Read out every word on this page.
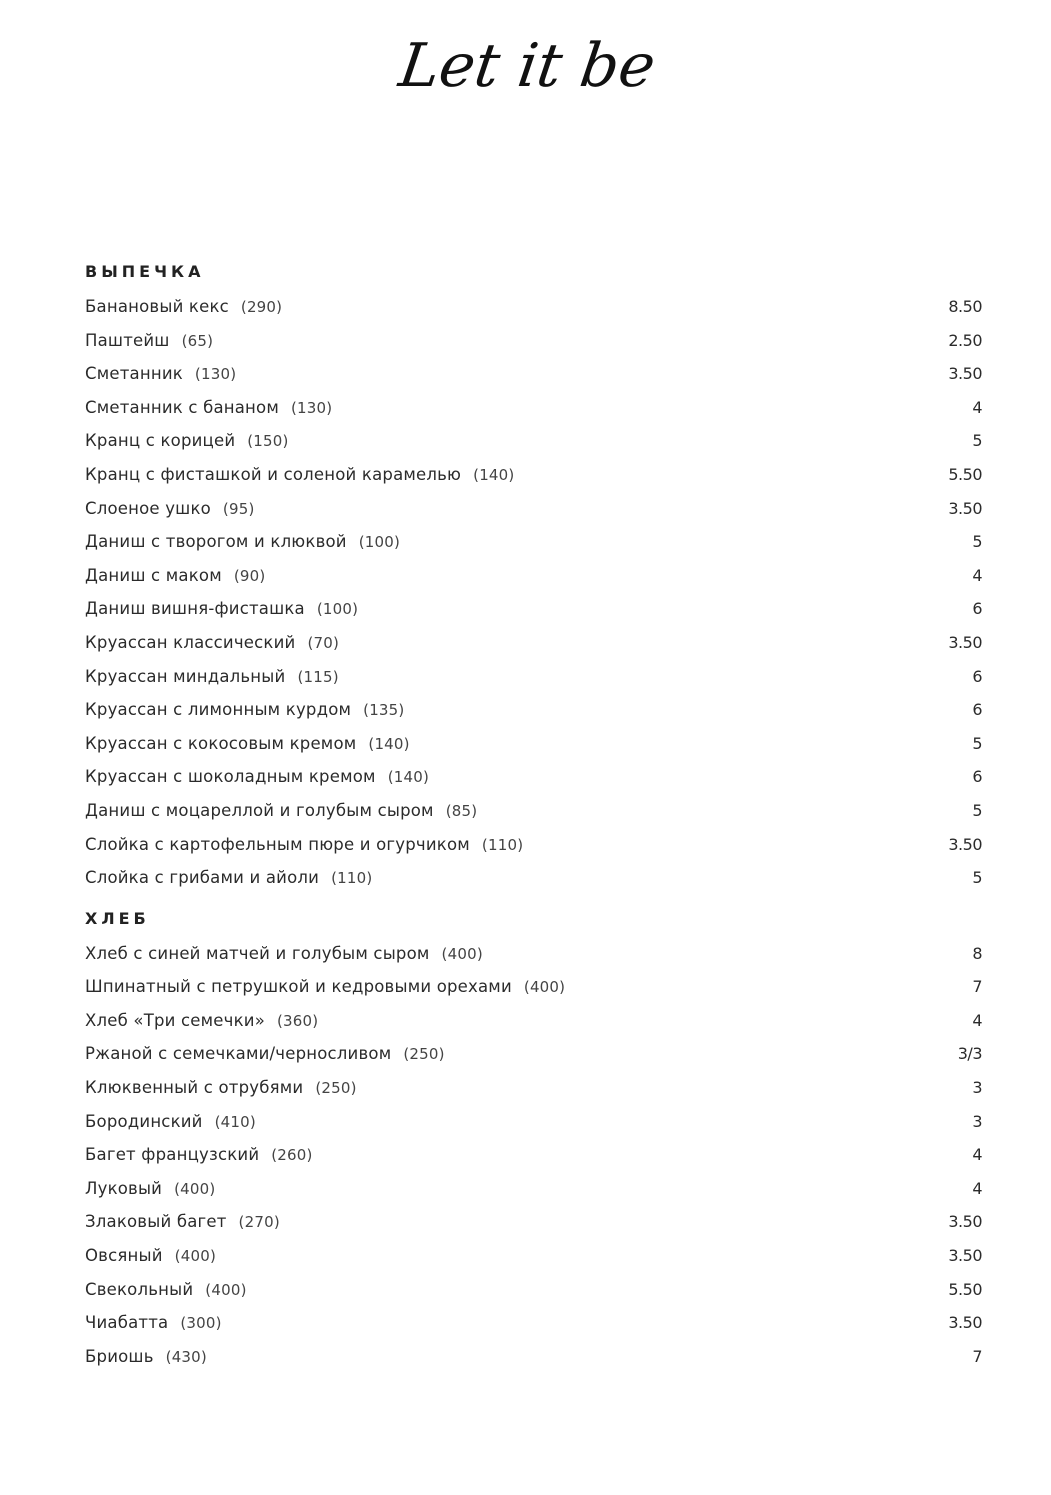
Let it be
ВЫПЕЧКА
Банановый кекс (290)	8.50
Паштейш (65)	2.50
Сметанник (130)	3.50
Сметанник с бананом (130)	4
Кранц с корицей (150)	5
Кранц с фисташкой и соленой карамелью (140)	5.50
Слоеное ушко (95)	3.50
Даниш с творогом и клюквой (100)	5
Даниш с маком (90)	4
Даниш вишня-фисташка (100)	6
Круассан классический (70)	3.50
Круассан миндальный (115)	6
Круассан с лимонным курдом (135)	6
Круассан с кокосовым кремом (140)	5
Круассан с шоколадным кремом (140)	6
Даниш с моцареллой и голубым сыром (85)	5
Слойка с картофельным пюре и огурчиком (110)	3.50
Слойка с грибами и айоли (110)	5
ХЛЕБ
Хлеб с синей матчей и голубым сыром (400)	8
Шпинатный с петрушкой и кедровыми орехами (400)	7
Хлеб «Три семечки» (360)	4
Ржаной с семечками/черносливом (250)	3/3
Клюквенный с отрубями (250)	3
Бородинский (410)	3
Багет французский (260)	4
Луковый (400)	4
Злаковый багет (270)	3.50
Овсяный (400)	3.50
Свекольный (400)	5.50
Чиабатта (300)	3.50
Бриошь (430)	7
